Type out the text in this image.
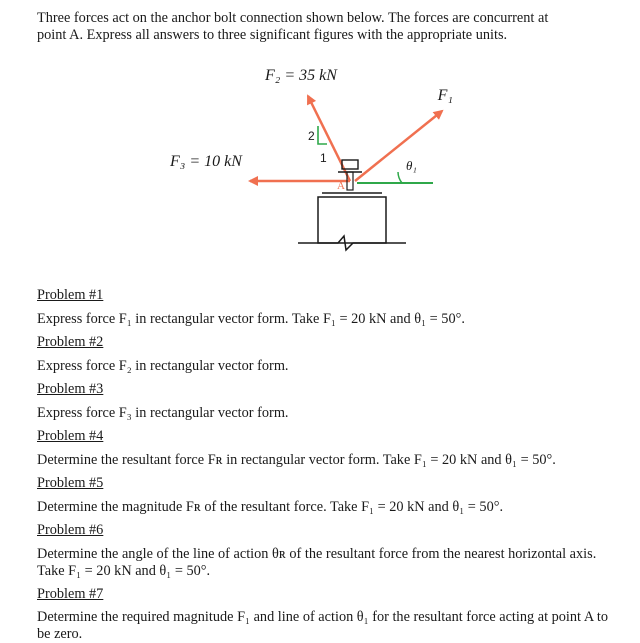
Three forces act on the anchor bolt connection shown below. The forces are concurrent at
point A. Express all answers to three significant figures with the appropriate units.
F₂ = 35 kN
F₁
F₃ = 10 kN
2
1	θ₁
A
Problem #1
Express force F₁ in rectangular vector form. Take F₁ = 20 kN and θ₁ = 50°.
Problem #2
Express force F₂ in rectangular vector form.
Problem #3
Express force F₃ in rectangular vector form.
Problem #4
Determine the resultant force Fʀ in rectangular vector form. Take F₁ = 20 kN and θ₁ = 50°.
Problem #5
Determine the magnitude Fʀ of the resultant force. Take F₁ = 20 kN and θ₁ = 50°.
Problem #6
Determine the angle of the line of action θʀ of the resultant force from the nearest horizontal axis. Take F₁ = 20 kN and θ₁ = 50°.
Problem #7
Determine the required magnitude F₁ and line of action θ₁ for the resultant force acting at point A to be zero.
